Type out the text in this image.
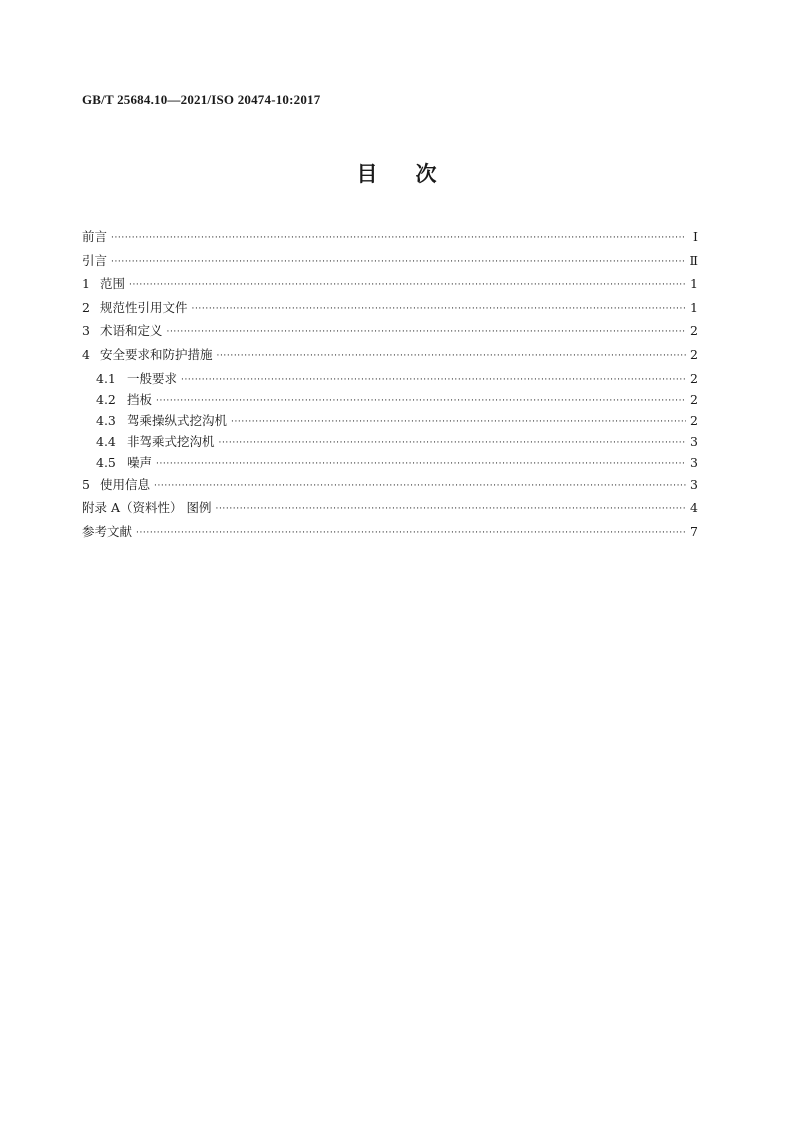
GB/T 25684.10—2021/ISO 20474-10:2017
目次
前言 ·····	Ⅰ
引言 ·····	Ⅱ
1 范围 ·····	1
2 规范性引用文件 ·····	1
3 术语和定义 ·····	2
4 安全要求和防护措施 ·····	2
4.1 一般要求 ·····	2
4.2 挡板 ·····	2
4.3 驾乘操纵式挖沟机 ·····	2
4.4 非驾乘式挖沟机 ·····	3
4.5 噪声 ·····	3
5 使用信息 ·····	3
附录 A（资料性） 图例 ·····	4
参考文献 ·····	7
